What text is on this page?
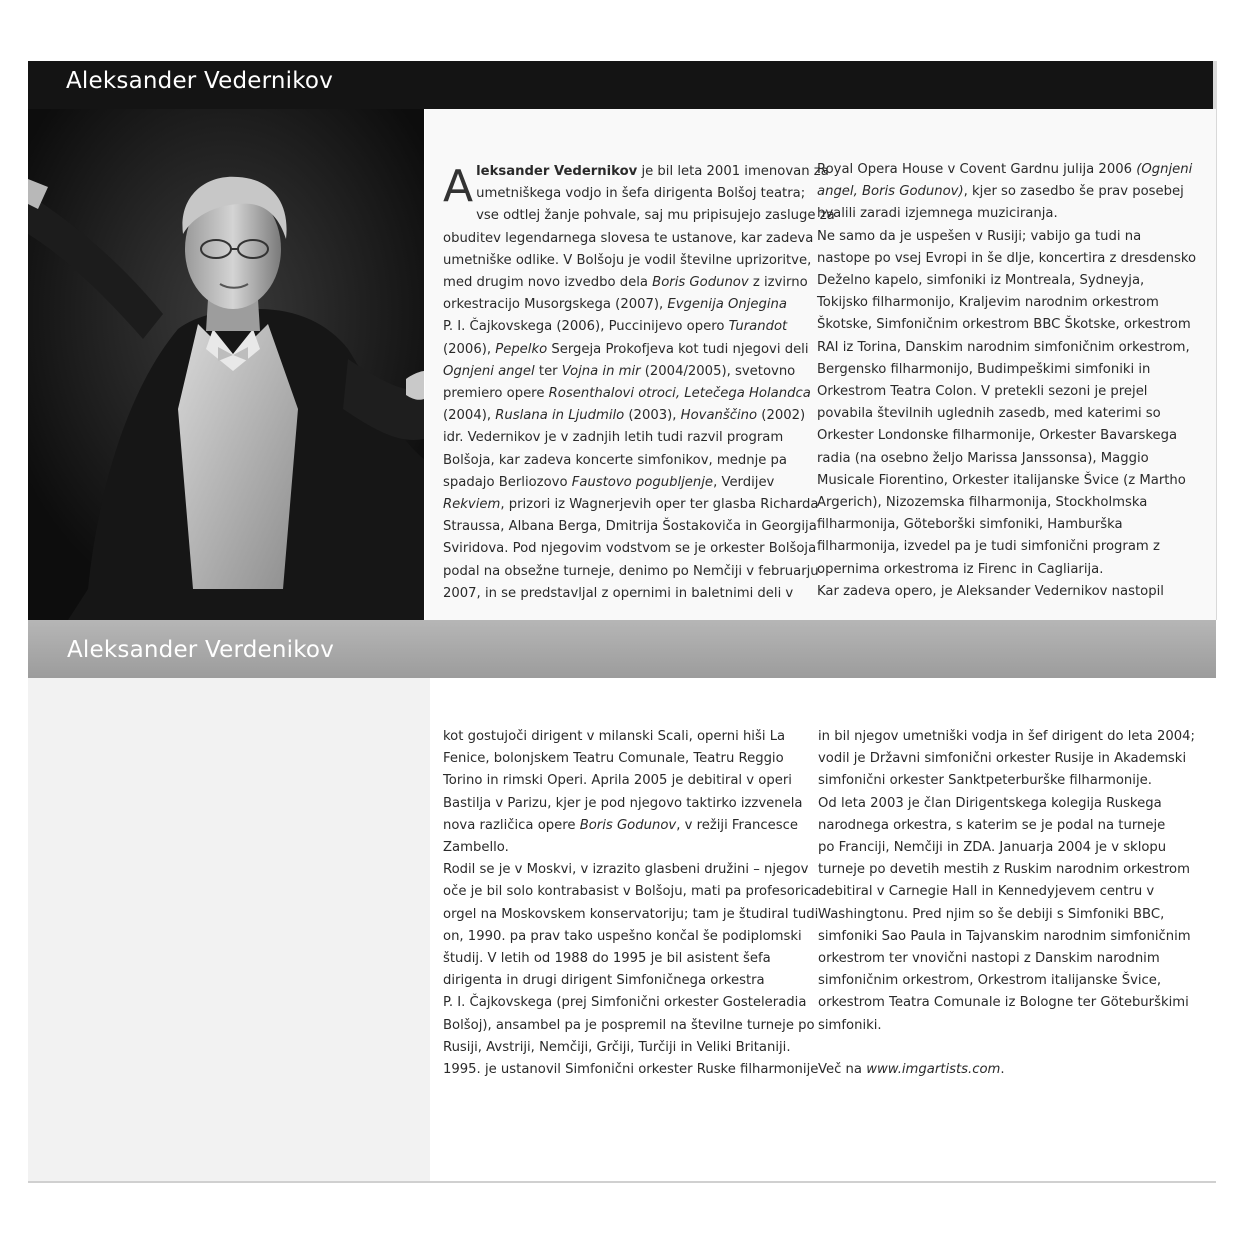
Aleksander Vedernikov

Aleksander Vedernikov je bil leta 2001 imenovan za
umetniškega vodjo in šefa dirigenta Bolšoj teatra;

vse odtlej žanje pohvale, saj mu pripisujejo zasluge za

obuditev legendarnega slovesa te ustanove, kar zadeva

umetniške odlike. V Bolšoju je vodil številne uprizoritve,

med drugim novo izvedbo dela Boris Godunov z izvirno

orkestracijo Musorgskega (2007), Evgenija Onjegina

P. I. Čajkovskega (2006), Puccinijevo opero Turandot

(2006), Pepelko Sergeja Prokofjeva kot tudi njegovi deli

Ognjeni angel ter Vojna in mir (2004/2005), svetovno

premiero opere Rosenthalovi otroci, Letečega Holandca

(2004), Ruslana in Ljudmilo (2003), Hovanščino (2002)

idr. Vedernikov je v zadnjih letih tudi razvil program

Bolšoja, kar zadeva koncerte simfonikov, mednje pa

spadajo Berliozovo Faustovo pogubljenje, Verdijev

Rekviem, prizori iz Wagnerjevih oper ter glasba Richarda

Straussa, Albana Berga, Dmitrija Šostakoviča in Georgija

Sviridova. Pod njegovim vodstvom se je orkester Bolšoja

podal na obsežne turneje, denimo po Nemčiji v februarju

2007, in se predstavljal z opernimi in baletnimi deli v

Royal Opera House v Covent Gardnu julija 2006 (Ognjeni

angel, Boris Godunov), kjer so zasedbo še prav posebej

hvalili zaradi izjemnega muziciranja.

Ne samo da je uspešen v Rusiji; vabijo ga tudi na

nastope po vsej Evropi in še dlje, koncertira z dresdensko

Deželno kapelo, simfoniki iz Montreala, Sydneyja,

Tokijsko filharmonijo, Kraljevim narodnim orkestrom

Škotske, Simfoničnim orkestrom BBC Škotske, orkestrom

RAI iz Torina, Danskim narodnim simfoničnim orkestrom,

Bergensko filharmonijo, Budimpeškimi simfoniki in

Orkestrom Teatra Colon. V pretekli sezoni je prejel

povabila številnih uglednih zasedb, med katerimi so

Orkester Londonske filharmonije, Orkester Bavarskega

radia (na osebno željo Marissa Janssonsa), Maggio

Musicale Fiorentino, Orkester italijanske Švice (z Martho

Argerich), Nizozemska filharmonija, Stockholmska

filharmonija, Göteborški simfoniki, Hamburška

filharmonija, izvedel pa je tudi simfonični program z

opernima orkestroma iz Firenc in Cagliarija.

Kar zadeva opero, je Aleksander Vedernikov nastopil

Aleksander Verdenikov

kot gostujoči dirigent v milanski Scali, operni hiši La

Fenice, bolonjskem Teatru Comunale, Teatru Reggio

Torino in rimski Operi. Aprila 2005 je debitiral v operi

Bastilja v Parizu, kjer je pod njegovo taktirko izzvenela

nova različica opere Boris Godunov, v režiji Francesce

Zambello.

Rodil se je v Moskvi, v izrazito glasbeni družini – njegov

oče je bil solo kontrabasist v Bolšoju, mati pa profesorica

orgel na Moskovskem konservatoriju; tam je študiral tudi

on, 1990. pa prav tako uspešno končal še podiplomski

študij. V letih od 1988 do 1995 je bil asistent šefa

dirigenta in drugi dirigent Simfoničnega orkestra

P. I. Čajkovskega (prej Simfonični orkester Gosteleradia

Bolšoj), ansambel pa je pospremil na številne turneje po

Rusiji, Avstriji, Nemčiji, Grčiji, Turčiji in Veliki Britaniji.

1995. je ustanovil Simfonični orkester Ruske filharmonije

in bil njegov umetniški vodja in šef dirigent do leta 2004;

vodil je Državni simfonični orkester Rusije in Akademski

simfonični orkester Sanktpeterburške filharmonije.

Od leta 2003 je član Dirigentskega kolegija Ruskega

narodnega orkestra, s katerim se je podal na turneje

po Franciji, Nemčiji in ZDA. Januarja 2004 je v sklopu

turneje po devetih mestih z Ruskim narodnim orkestrom

debitiral v Carnegie Hall in Kennedyjevem centru v

Washingtonu. Pred njim so še debiji s Simfoniki BBC,

simfoniki Sao Paula in Tajvanskim narodnim simfoničnim

orkestrom ter vnovični nastopi z Danskim narodnim

simfoničnim orkestrom, Orkestrom italijanske Švice,

orkestrom Teatra Comunale iz Bologne ter Göteburškimi

simfoniki.

Več na www.imgartists.com.
